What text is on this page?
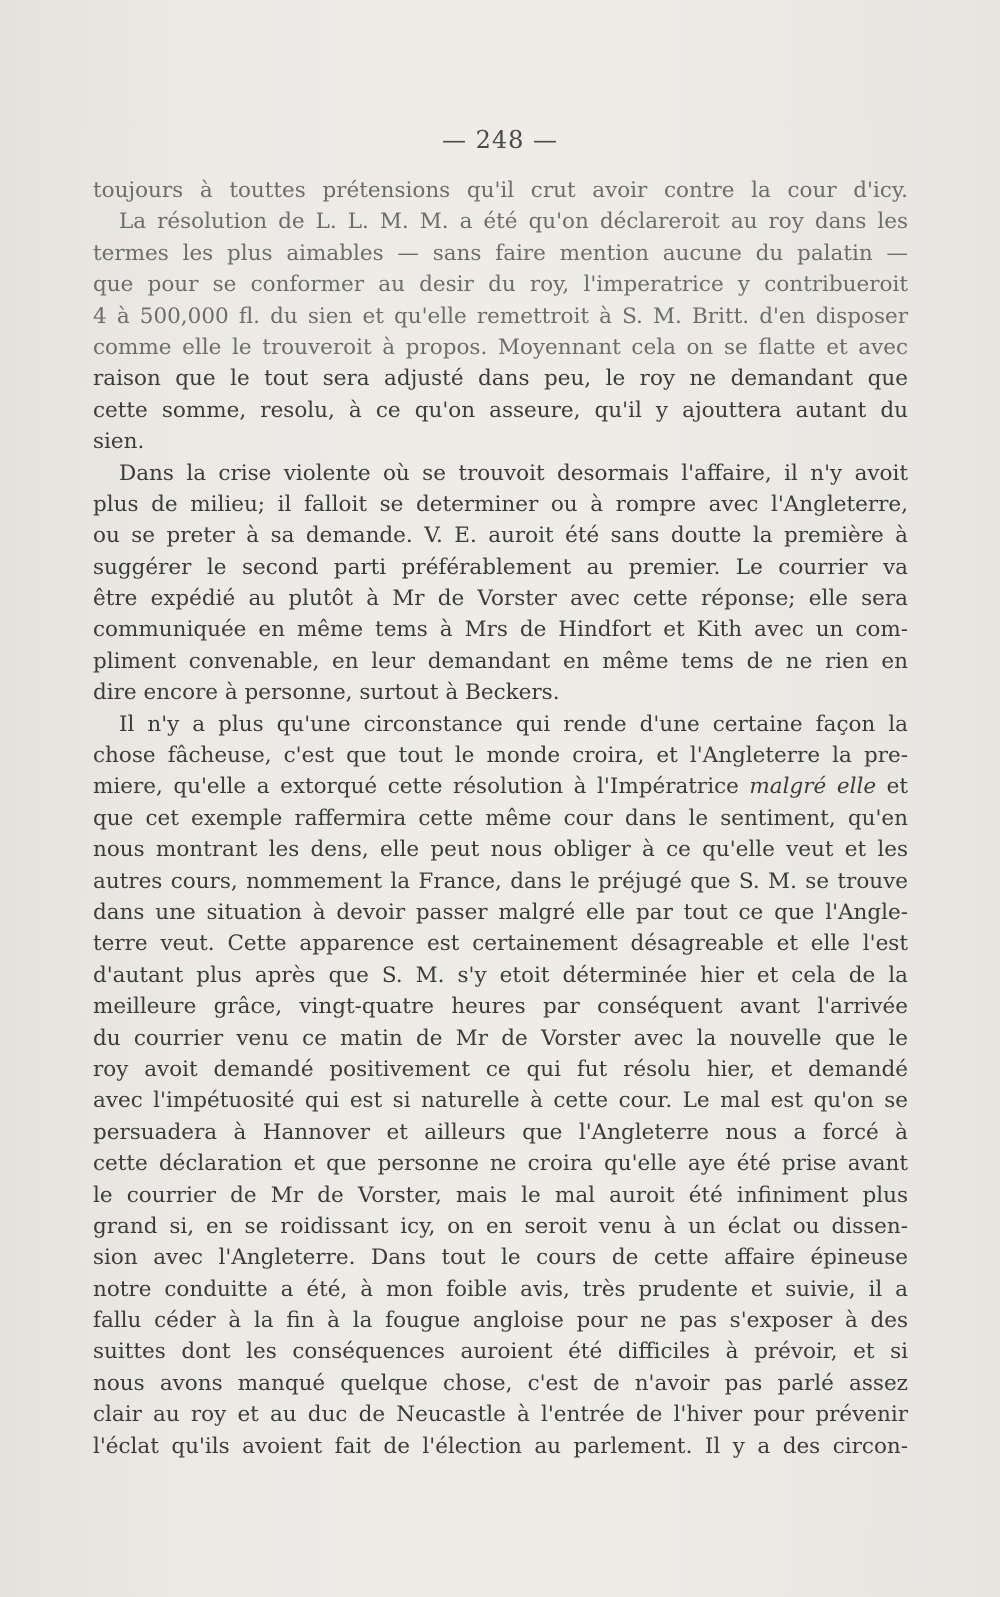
— 248 —
toujours à touttes prétensions qu'il crut avoir contre la cour d'icy.
La résolution de L. L. M. M. a été qu'on déclareroit au roy dans les
termes les plus aimables — sans faire mention aucune du palatin —
que pour se conformer au desir du roy, l'imperatrice y contribueroit
4 à 500,000 fl. du sien et qu'elle remettroit à S. M. Britt. d'en disposer
comme elle le trouveroit à propos. Moyennant cela on se flatte et avec
raison que le tout sera adjusté dans peu, le roy ne demandant que
cette somme, resolu, à ce qu'on asseure, qu'il y ajouttera autant du
sien.
Dans la crise violente où se trouvoit desormais l'affaire, il n'y avoit
plus de milieu; il falloit se determiner ou à rompre avec l'Angleterre,
ou se preter à sa demande. V. E. auroit été sans doutte la première à
suggérer le second parti préférablement au premier. Le courrier va
être expédié au plutôt à Mr de Vorster avec cette réponse; elle sera
communiquée en même tems à Mrs de Hindfort et Kith avec un com-
pliment convenable, en leur demandant en même tems de ne rien en
dire encore à personne, surtout à Beckers.
Il n'y a plus qu'une circonstance qui rende d'une certaine façon la
chose fâcheuse, c'est que tout le monde croira, et l'Angleterre la pre-
miere, qu'elle a extorqué cette résolution à l'Impératrice malgré elle et
que cet exemple raffermira cette même cour dans le sentiment, qu'en
nous montrant les dens, elle peut nous obliger à ce qu'elle veut et les
autres cours, nommement la France, dans le préjugé que S. M. se trouve
dans une situation à devoir passer malgré elle par tout ce que l'Angle-
terre veut. Cette apparence est certainement désagreable et elle l'est
d'autant plus après que S. M. s'y etoit déterminée hier et cela de la
meilleure grâce, vingt-quatre heures par conséquent avant l'arrivée
du courrier venu ce matin de Mr de Vorster avec la nouvelle que le
roy avoit demandé positivement ce qui fut résolu hier, et demandé
avec l'impétuosité qui est si naturelle à cette cour. Le mal est qu'on se
persuadera à Hannover et ailleurs que l'Angleterre nous a forcé à
cette déclaration et que personne ne croira qu'elle aye été prise avant
le courrier de Mr de Vorster, mais le mal auroit été infiniment plus
grand si, en se roidissant icy, on en seroit venu à un éclat ou dissen-
sion avec l'Angleterre. Dans tout le cours de cette affaire épineuse
notre conduitte a été, à mon foible avis, très prudente et suivie, il a
fallu céder à la fin à la fougue angloise pour ne pas s'exposer à des
suittes dont les conséquences auroient été difficiles à prévoir, et si
nous avons manqué quelque chose, c'est de n'avoir pas parlé assez
clair au roy et au duc de Neucastle à l'entrée de l'hiver pour prévenir
l'éclat qu'ils avoient fait de l'élection au parlement. Il y a des circon-
